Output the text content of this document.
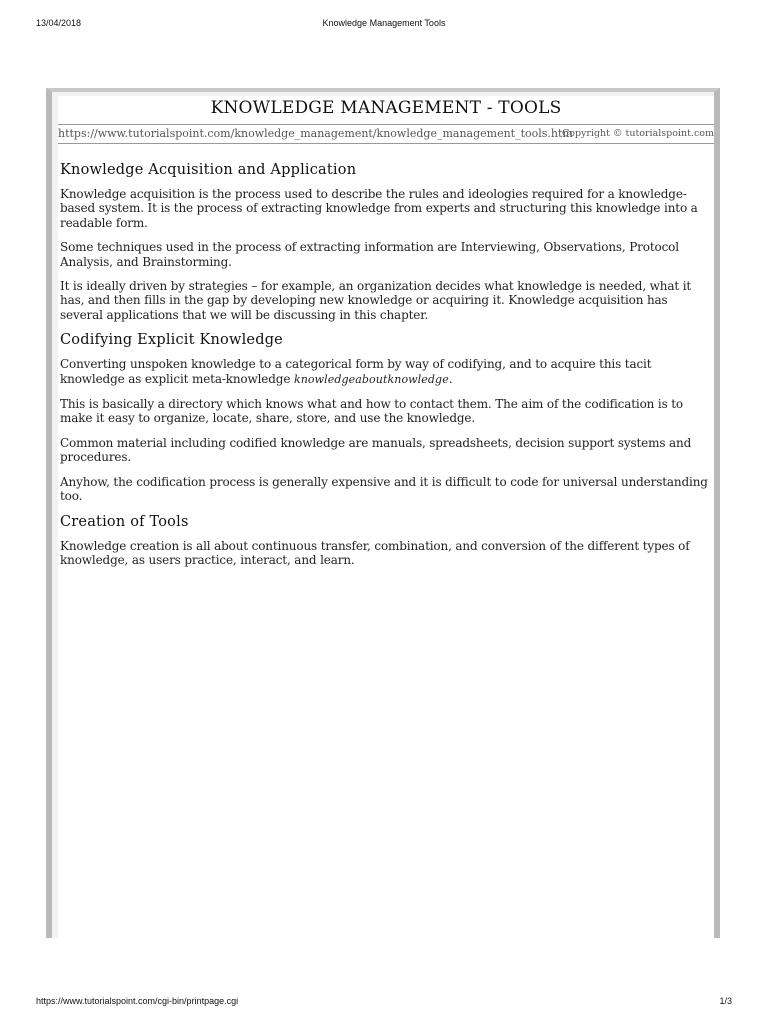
Knowledge Management Tools
13/04/2018
KNOWLEDGE MANAGEMENT - TOOLS
https://www.tutorialspoint.com/knowledge_management/knowledge_management_tools.htm
Copyright © tutorialspoint.com
Knowledge Acquisition and Application

Knowledge acquisition is the process used to describe the rules and ideologies required for a knowledge-based system. It is the process of extracting knowledge from experts and structuring this knowledge into a readable form.

Some techniques used in the process of extracting information are Interviewing, Observations, Protocol Analysis, and Brainstorming.

It is ideally driven by strategies – for example, an organization decides what knowledge is needed, what it has, and then fills in the gap by developing new knowledge or acquiring it. Knowledge acquisition has several applications that we will be discussing in this chapter.

Codifying Explicit Knowledge

Converting unspoken knowledge to a categorical form by way of codifying, and to acquire this tacit knowledge as explicit meta-knowledge knowledgeaboutknowledge.

This is basically a directory which knows what and how to contact them. The aim of the codification is to make it easy to organize, locate, share, store, and use the knowledge.

Common material including codified knowledge are manuals, spreadsheets, decision support systems and procedures.

Anyhow, the codification process is generally expensive and it is difficult to code for universal understanding too.

Creation of Tools

Knowledge creation is all about continuous transfer, combination, and conversion of the different types of knowledge, as users practice, interact, and learn.

https://www.tutorialspoint.com/cgi-bin/printpage.cgi	1/3
